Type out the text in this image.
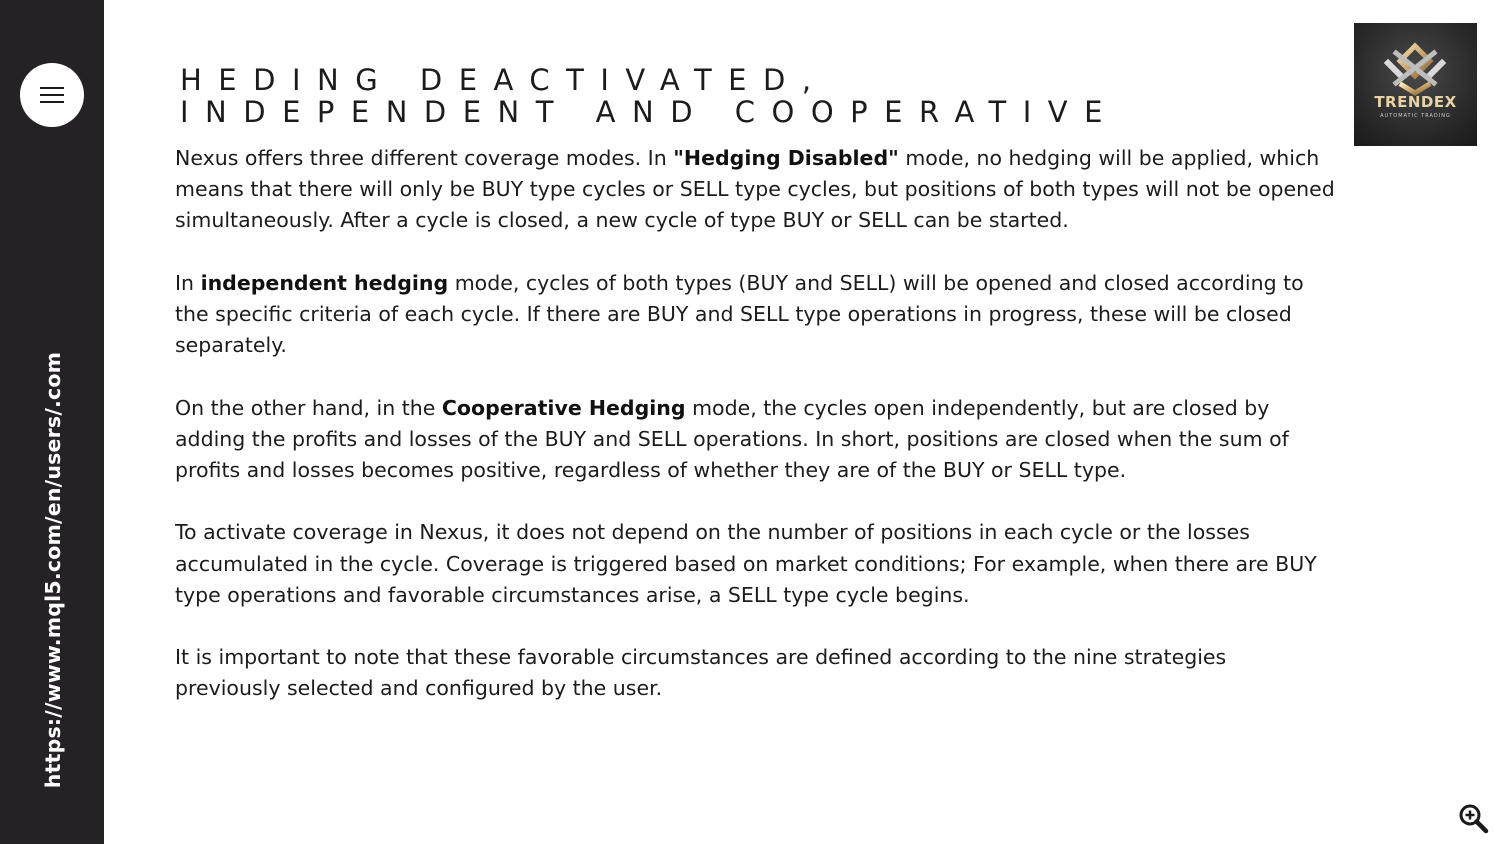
https://www.mql5.com/en/users/.com
HEDING DEACTIVATED,
INDEPENDENT AND COOPERATIVE

Nexus offers three different coverage modes. In "Hedging Disabled" mode, no hedging will be applied, which means that there will only be BUY type cycles or SELL type cycles, but positions of both types will not be opened simultaneously. After a cycle is closed, a new cycle of type BUY or SELL can be started.

In independent hedging mode, cycles of both types (BUY and SELL) will be opened and closed according to the specific criteria of each cycle. If there are BUY and SELL type operations in progress, these will be closed separately.

On the other hand, in the Cooperative Hedging mode, the cycles open independently, but are closed by adding the profits and losses of the BUY and SELL operations. In short, positions are closed when the sum of profits and losses becomes positive, regardless of whether they are of the BUY or SELL type.

To activate coverage in Nexus, it does not depend on the number of positions in each cycle or the losses accumulated in the cycle. Coverage is triggered based on market conditions; For example, when there are BUY type operations and favorable circumstances arise, a SELL type cycle begins.

It is important to note that these favorable circumstances are defined according to the nine strategies previously selected and configured by the user.

TRENDEX
AUTOMATIC TRADING
